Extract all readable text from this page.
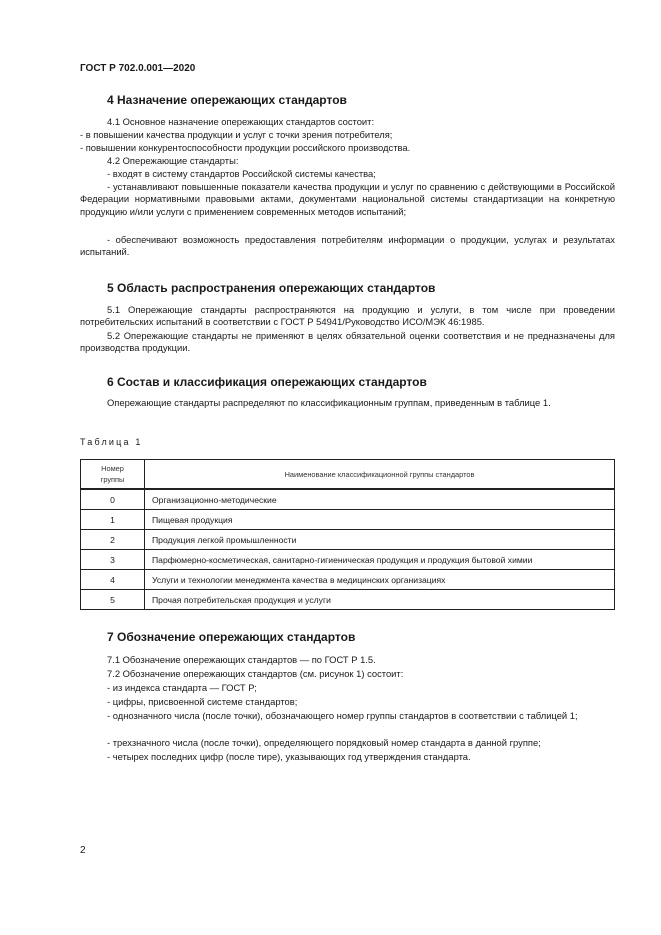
ГОСТ Р 702.0.001—2020
4 Назначение опережающих стандартов
4.1 Основное назначение опережающих стандартов состоит:
- в повышении качества продукции и услуг с точки зрения потребителя;
- повышении конкурентоспособности продукции российского производства.
4.2 Опережающие стандарты:
- входят в систему стандартов Российской системы качества;
- устанавливают повышенные показатели качества продукции и услуг по сравнению с действующими в Российской Федерации нормативными правовыми актами, документами национальной системы стандартизации на конкретную продукцию и/или услуги с применением современных методов испытаний;
- обеспечивают возможность предоставления потребителям информации о продукции, услугах и результатах испытаний.
5 Область распространения опережающих стандартов
5.1 Опережающие стандарты распространяются на продукцию и услуги, в том числе при проведении потребительских испытаний в соответствии с ГОСТ Р 54941/Руководство ИСО/МЭК 46:1985.
5.2 Опережающие стандарты не применяют в целях обязательной оценки соответствия и не предназначены для производства продукции.
6 Состав и классификация опережающих стандартов
Опережающие стандарты распределяют по классификационным группам, приведенным в таблице 1.
Таблица 1
Номер
группы	Наименование классификационной группы стандартов
0	Организационно-методические
1	Пищевая продукция
2	Продукция легкой промышленности
3	Парфюмерно-косметическая, санитарно-гигиеническая продукция и продукция бытовой химии
4	Услуги и технологии менеджмента качества в медицинских организациях
5	Прочая потребительская продукция и услуги
7 Обозначение опережающих стандартов
7.1 Обозначение опережающих стандартов — по ГОСТ Р 1.5.
7.2 Обозначение опережающих стандартов (см. рисунок 1) состоит:
- из индекса стандарта — ГОСТ Р;
- цифры, присвоенной системе стандартов;
- однозначного числа (после точки), обозначающего номер группы стандартов в соответствии с таблицей 1;
- трехзначного числа (после точки), определяющего порядковый номер стандарта в данной группе;
- четырех последних цифр (после тире), указывающих год утверждения стандарта.
2
